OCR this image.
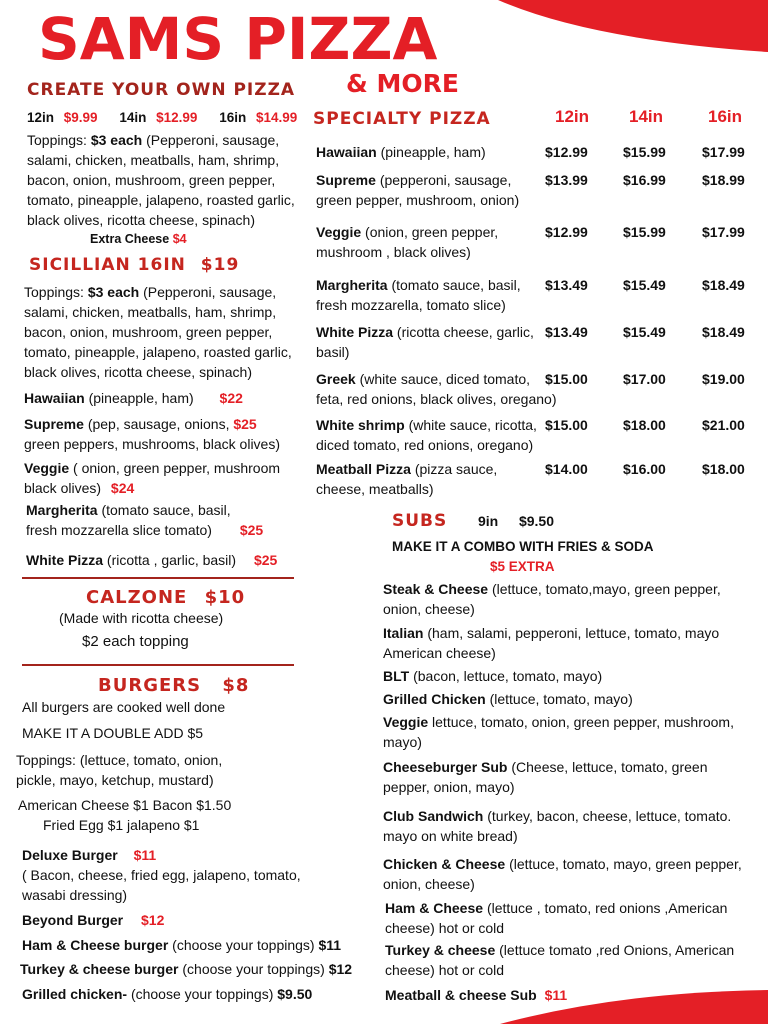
SAMS PIZZA
& MORE
CREATE YOUR OWN PIZZA
12in $9.99 14in $12.99 16in $14.99
Toppings: $3 each (Pepperoni, sausage, salami, chicken, meatballs, ham, shrimp, bacon, onion, mushroom, green pepper, tomato, pineapple, jalapeno, roasted garlic, black olives, ricotta cheese, spinach)
Extra Cheese $4
SICILLIAN 16IN $19
Toppings: $3 each (Pepperoni, sausage, salami, chicken, meatballs, ham, shrimp, bacon, onion, mushroom, green pepper, tomato, pineapple, jalapeno, roasted garlic, black olives, ricotta cheese, spinach)
Hawaiian (pineapple, ham) $22
Supreme (pep, sausage, onions, $25
green peppers, mushrooms, black olives)
Veggie ( onion, green pepper, mushroom
black olives) $24
Margherita (tomato sauce, basil,
fresh mozzarella slice tomato) $25
White Pizza (ricotta , garlic, basil) $25
CALZONE $10
(Made with ricotta cheese)
$2 each topping
BURGERS $8
All burgers are cooked well done
MAKE IT A DOUBLE ADD $5
Toppings: (lettuce, tomato, onion,
pickle, mayo, ketchup, mustard)
American Cheese $1 Bacon $1.50
Fried Egg $1 jalapeno $1
Deluxe Burger $11
( Bacon, cheese, fried egg, jalapeno, tomato,
wasabi dressing)
Beyond Burger $12
Ham & Cheese burger (choose your toppings) $11
Turkey & cheese burger (choose your toppings) $12
Grilled chicken- (choose your toppings) $9.50
SPECIALTY PIZZA	12in 14in	16in
Hawaiian (pineapple, ham)	$12.99	$15.99	$17.99
Supreme (pepperoni, sausage,
green pepper, mushroom, onion)
$13.99	$16.99	$18.99
Veggie (onion, green pepper,
mushroom , black olives)
$12.99	$15.99	$17.99
Margherita (tomato sauce, basil,
fresh mozzarella, tomato slice)
$13.49	$15.49	$18.49
White Pizza (ricotta cheese, garlic,
basil)
$13.49	$15.49	$18.49
Greek (white sauce, diced tomato,
feta, red onions, black olives, oregano)
$15.00	$17.00	$19.00
White shrimp (white sauce, ricotta,
diced tomato, red onions, oregano)
$15.00	$18.00	$21.00
Meatball Pizza (pizza sauce,
cheese, meatballs)
$14.00	$16.00	$18.00
SUBS 9in $9.50
MAKE IT A COMBO WITH FRIES & SODA
$5 EXTRA
Steak & Cheese (lettuce, tomato,mayo, green pepper,
onion, cheese)
Italian (ham, salami, pepperoni, lettuce, tomato, mayo
American cheese)
BLT (bacon, lettuce, tomato, mayo)
Grilled Chicken (lettuce, tomato, mayo)
Veggie lettuce, tomato, onion, green pepper, mushroom,
mayo)
Cheeseburger Sub (Cheese, lettuce, tomato, green
pepper, onion, mayo)
Club Sandwich (turkey, bacon, cheese, lettuce, tomato.
mayo on white bread)
Chicken & Cheese (lettuce, tomato, mayo, green pepper,
onion, cheese)
Ham & Cheese (lettuce , tomato, red onions ,American
cheese) hot or cold
Turkey & cheese (lettuce tomato ,red Onions, American
cheese) hot or cold
Meatball & cheese Sub $11
